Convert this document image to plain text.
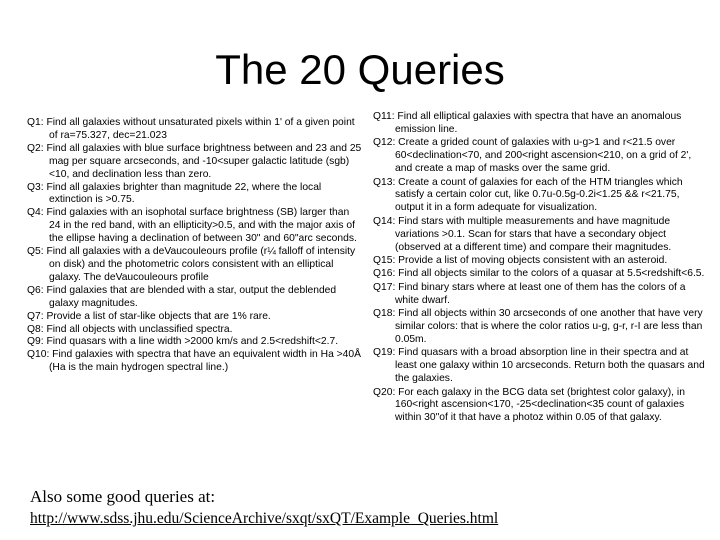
The 20 Queries

Q1: Find all galaxies without unsaturated pixels within 1' of a given point of ra=75.327, dec=21.023

Q2: Find all galaxies with blue surface brightness between and 23 and 25 mag per square arcseconds, and -10<super galactic latitude (sgb) <10, and declination less than zero.

Q3: Find all galaxies brighter than magnitude 22, where the local extinction is >0.75.

Q4: Find galaxies with an isophotal surface brightness (SB) larger than 24 in the red band, with an ellipticity>0.5, and with the major axis of the ellipse having a declination of between 30" and 60"arc seconds.

Q5: Find all galaxies with a deVaucouleours profile (r¼ falloff of intensity on disk) and the photometric colors consistent with an elliptical galaxy. The deVaucouleours profile

Q6: Find galaxies that are blended with a star, output the deblended galaxy magnitudes.

Q7: Provide a list of star-like objects that are 1% rare.

Q8: Find all objects with unclassified spectra.

Q9: Find quasars with a line width >2000 km/s and 2.5<redshift<2.7.

Q10: Find galaxies with spectra that have an equivalent width in Ha >40Å (Ha is the main hydrogen spectral line.)

Q11: Find all elliptical galaxies with spectra that have an anomalous emission line.

Q12: Create a grided count of galaxies with u-g>1 and r<21.5 over 60<declination<70, and 200<right ascension<210, on a grid of 2', and create a map of masks over the same grid.

Q13: Create a count of galaxies for each of the HTM triangles which satisfy a certain color cut, like 0.7u-0.5g-0.2i<1.25 && r<21.75, output it in a form adequate for visualization.

Q14: Find stars with multiple measurements and have magnitude variations >0.1. Scan for stars that have a secondary object (observed at a different time) and compare their magnitudes.

Q15: Provide a list of moving objects consistent with an asteroid.

Q16: Find all objects similar to the colors of a quasar at 5.5<redshift<6.5.

Q17: Find binary stars where at least one of them has the colors of a white dwarf.

Q18: Find all objects within 30 arcseconds of one another that have very similar colors: that is where the color ratios u-g, g-r, r-I are less than 0.05m.

Q19: Find quasars with a broad absorption line in their spectra and at least one galaxy within 10 arcseconds. Return both the quasars and the galaxies.

Q20: For each galaxy in the BCG data set (brightest color galaxy), in 160<right ascension<170, -25<declination<35 count of galaxies within 30"of it that have a photoz within 0.05 of that galaxy.

Also some good queries at:
http://www.sdss.jhu.edu/ScienceArchive/sxqt/sxQT/Example_Queries.html
